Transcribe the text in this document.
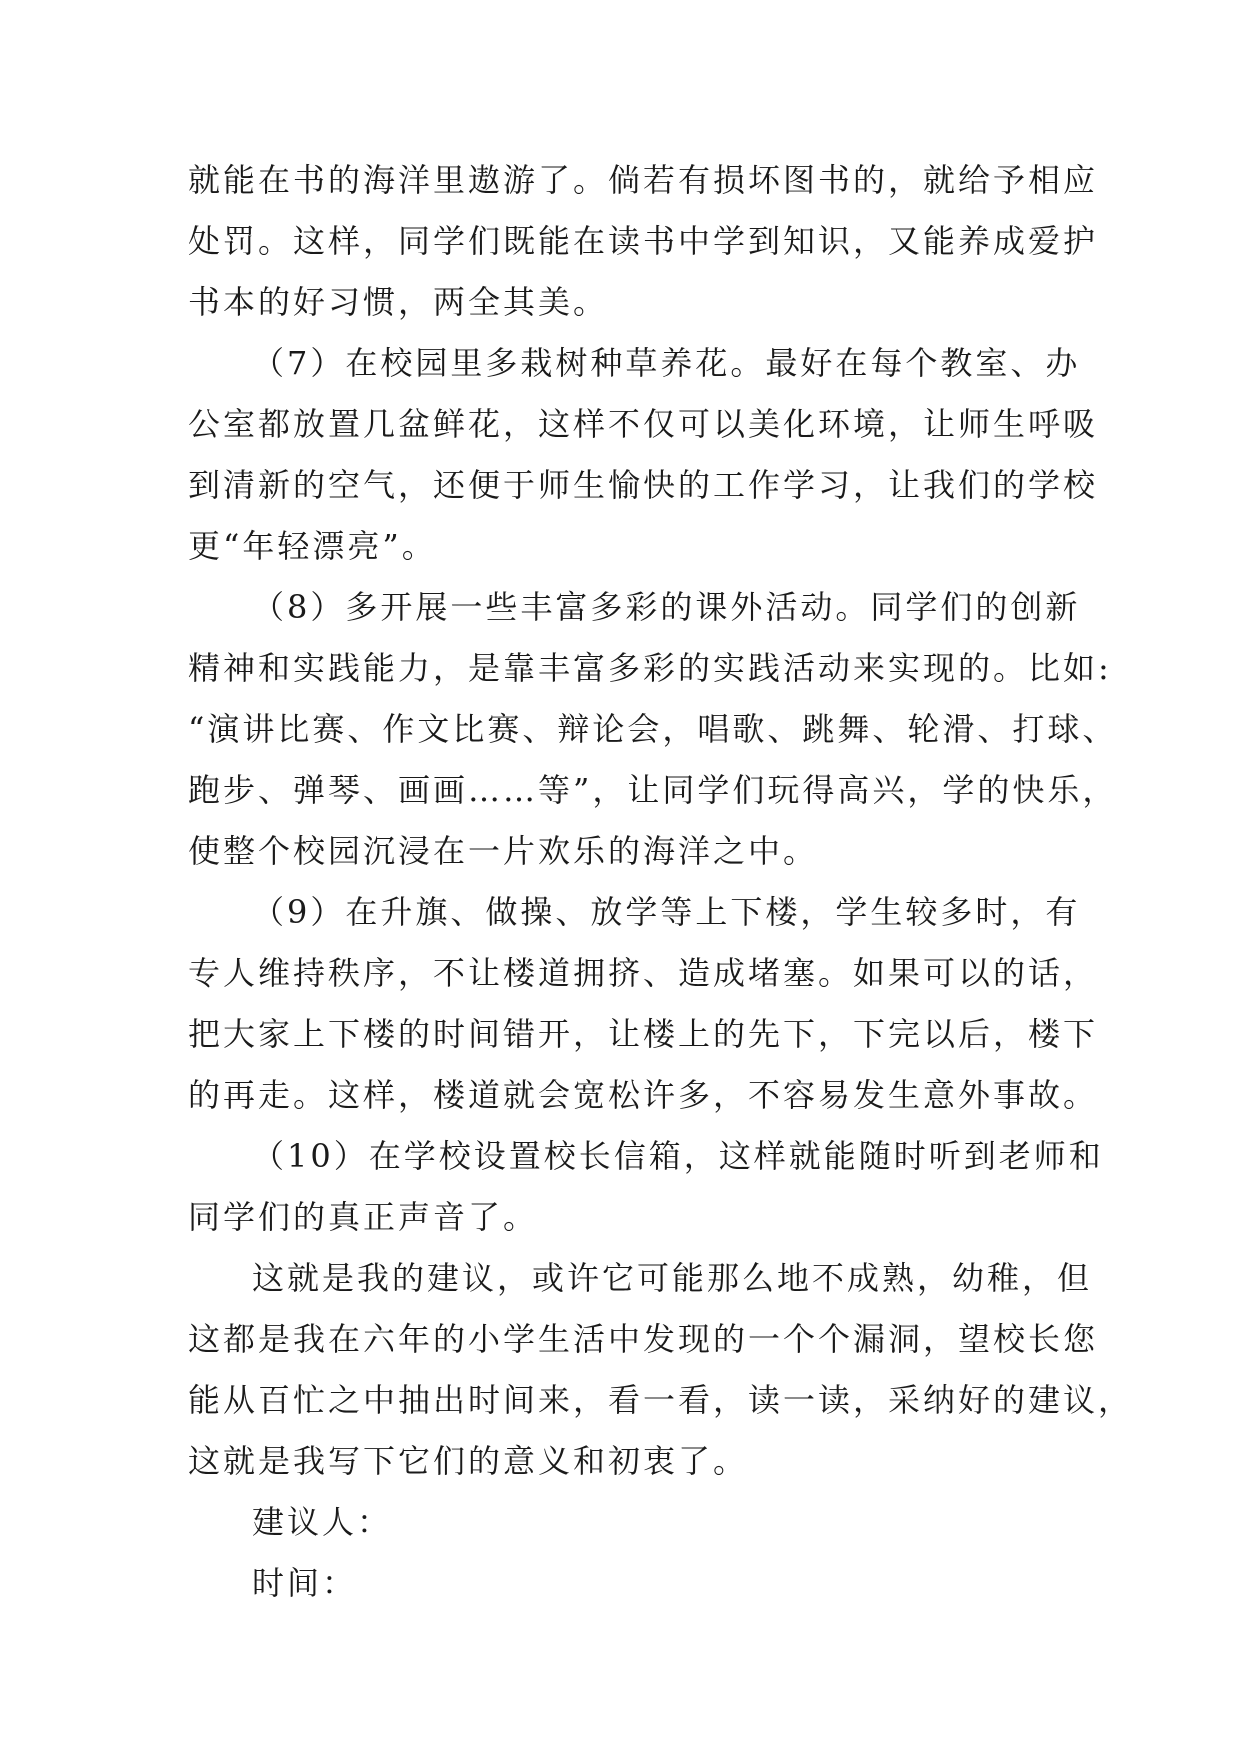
就能在书的海洋里遨游了。倘若有损坏图书的，就给予相应
处罚。这样，同学们既能在读书中学到知识，又能养成爱护
书本的好习惯，两全其美。
（7）在校园里多栽树种草养花。最好在每个教室、办
公室都放置几盆鲜花，这样不仅可以美化环境，让师生呼吸
到清新的空气，还便于师生愉快的工作学习，让我们的学校
更“年轻漂亮”。
（8）多开展一些丰富多彩的课外活动。同学们的创新
精神和实践能力，是靠丰富多彩的实践活动来实现的。比如:
“演讲比赛、作文比赛、辩论会，唱歌、跳舞、轮滑、打球、
跑步、弹琴、画画……等”，让同学们玩得高兴，学的快乐，
使整个校园沉浸在一片欢乐的海洋之中。
（9）在升旗、做操、放学等上下楼，学生较多时，有
专人维持秩序，不让楼道拥挤、造成堵塞。如果可以的话，
把大家上下楼的时间错开，让楼上的先下，下完以后，楼下
的再走。这样，楼道就会宽松许多，不容易发生意外事故。
（10）在学校设置校长信箱，这样就能随时听到老师和
同学们的真正声音了。
这就是我的建议，或许它可能那么地不成熟，幼稚，但
这都是我在六年的小学生活中发现的一个个漏洞，望校长您
能从百忙之中抽出时间来，看一看，读一读，采纳好的建议，
这就是我写下它们的意义和初衷了。
建议人：
时间：
